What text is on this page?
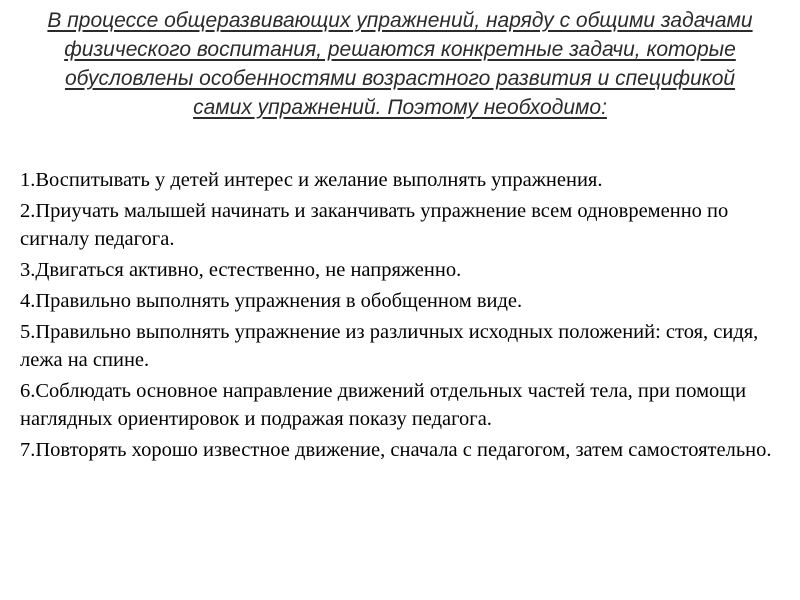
В процессе общеразвивающих упражнений, наряду с общими задачами физического воспитания, решаются конкретные задачи, которые обусловлены особенностями возрастного развития и спецификой самих упражнений. Поэтому необходимо:

1.Воспитывать у детей интерес и желание выполнять упражнения.
2.Приучать малышей начинать и заканчивать упражнение всем одновременно по сигналу педагога.
3.Двигаться активно, естественно, не напряженно.
4.Правильно выполнять упражнения в обобщенном виде.
5.Правильно выполнять упражнение из различных исходных положений: стоя, сидя, лежа на спине.
6.Соблюдать основное направление движений отдельных частей тела, при помощи наглядных ориентировок и подражая показу педагога.
7.Повторять хорошо известное движение, сначала с педагогом, затем самостоятельно.
